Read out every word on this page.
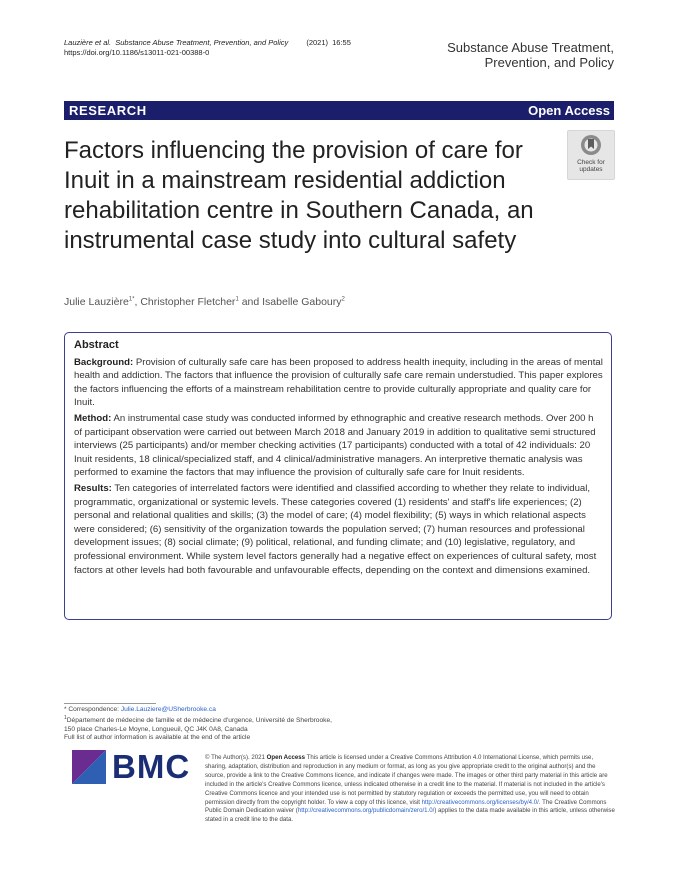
Lauzière et al. Substance Abuse Treatment, Prevention, and Policy (2021) 16:55
https://doi.org/10.1186/s13011-021-00388-0	Substance Abuse Treatment,
Prevention, and Policy
RESEARCH	Open Access
Factors influencing the provision of care for Inuit in a mainstream residential addiction rehabilitation centre in Southern Canada, an instrumental case study into cultural safety
Check for
updates
Julie Lauzière$^{1*}$, Christopher Fletcher$^1$ and Isabelle Gaboury$^2$
Abstract

Background: Provision of culturally safe care has been proposed to address health inequity, including in the areas of mental health and addiction. The factors that influence the provision of culturally safe care remain understudied. This paper explores the factors influencing the efforts of a mainstream rehabilitation centre to provide culturally appropriate and quality care for Inuit.

Method: An instrumental case study was conducted informed by ethnographic and creative research methods. Over 200 h of participant observation were carried out between March 2018 and January 2019 in addition to qualitative semi structured interviews (25 participants) and/or member checking activities (17 participants) conducted with a total of 42 individuals: 20 Inuit residents, 18 clinical/specialized staff, and 4 clinical/administrative managers. An interpretive thematic analysis was performed to examine the factors that may influence the provision of culturally safe care for Inuit residents.

Results: Ten categories of interrelated factors were identified and classified according to whether they relate to individual, programmatic, organizational or systemic levels. These categories covered (1) residents' and staff's life experiences; (2) personal and relational qualities and skills; (3) the model of care; (4) model flexibility; (5) ways in which relational aspects were considered; (6) sensitivity of the organization towards the population served; (7) human resources and professional development issues; (8) social climate; (9) political, relational, and funding climate; and (10) legislative, regulatory, and professional environment. While system level factors generally had a negative effect on experiences of cultural safety, most factors at other levels had both favourable and unfavourable effects, depending on the context and dimensions examined.

* Correspondence: Julie.Lauziere@USherbrooke.ca
$^1$Département de médecine de famille et de médecine d'urgence, Université de Sherbrooke, 150 place Charles-Le Moyne, Longueuil, QC J4K 0A8, Canada
Full list of author information is available at the end of the article
BMC © The Author(s). 2021 Open Access This article is licensed under a Creative Commons Attribution 4.0 International License, which permits use, sharing, adaptation, distribution and reproduction in any medium or format, as long as you give appropriate credit to the original author(s) and the source, provide a link to the Creative Commons licence, and indicate if changes were made. The images or other third party material in this article are included in the article's Creative Commons licence, unless indicated otherwise in a credit line to the material. If material is not included in the article's Creative Commons licence and your intended use is not permitted by statutory regulation or exceeds the permitted use, you will need to obtain permission directly from the copyright holder. To view a copy of this licence, visit http://creativecommons.org/licenses/by/4.0/. The Creative Commons Public Domain Dedication waiver (http://creativecommons.org/publicdomain/zero/1.0/) applies to the data made available in this article, unless otherwise stated in a credit line to the data.
